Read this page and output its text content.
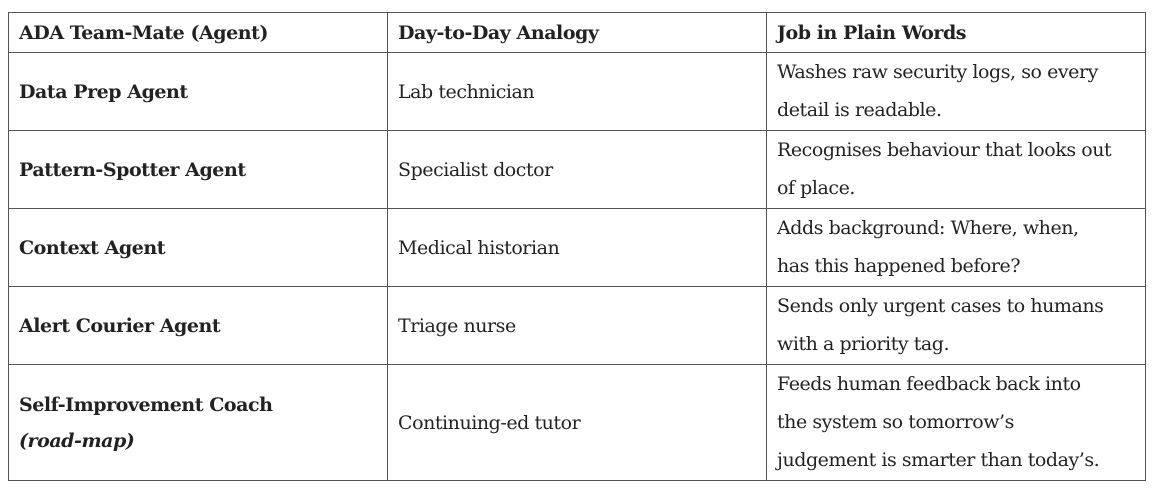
ADA Team-Mate (Agent)	Day-to-Day Analogy	Job in Plain Words
Data Prep Agent	Lab technician	Washes raw security logs, so every
detail is readable.

Pattern-Spotter Agent	Specialist doctor	Recognises behaviour that looks out
of place.

Context Agent	Medical historian	Adds background: Where, when,
has this happened before?

Alert Courier Agent	Triage nurse	Sends only urgent cases to humans
with a priority tag.

Self-Improvement Coach
(road-map)	Continuing-ed tutor	Feeds human feedback back into
the system so tomorrow’s
judgement is smarter than today’s.
